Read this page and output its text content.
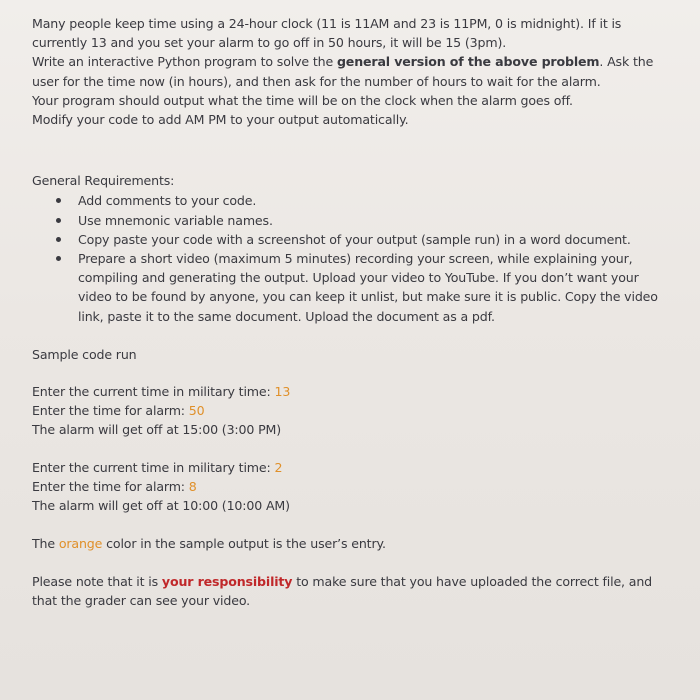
Many people keep time using a 24-hour clock (11 is 11AM and 23 is 11PM, 0 is midnight). If it is currently 13 and you set your alarm to go off in 50 hours, it will be 15 (3pm).

Write an interactive Python program to solve the general version of the above problem. Ask the user for the time now (in hours), and then ask for the number of hours to wait for the alarm.

Your program should output what the time will be on the clock when the alarm goes off.

Modify your code to add AM PM to your output automatically.

General Requirements:

Add comments to your code.
Use mnemonic variable names.
Copy paste your code with a screenshot of your output (sample run) in a word document.
Prepare a short video (maximum 5 minutes) recording your screen, while explaining your, compiling and generating the output. Upload your video to YouTube. If you don’t want your video to be found by anyone, you can keep it unlist, but make sure it is public. Copy the video link, paste it to the same document. Upload the document as a pdf.

Sample code run

Enter the current time in military time: 13

Enter the time for alarm: 50

The alarm will get off at 15:00 (3:00 PM)

Enter the current time in military time: 2

Enter the time for alarm: 8

The alarm will get off at 10:00 (10:00 AM)

The orange color in the sample output is the user’s entry.

Please note that it is your responsibility to make sure that you have uploaded the correct file, and that the grader can see your video.
